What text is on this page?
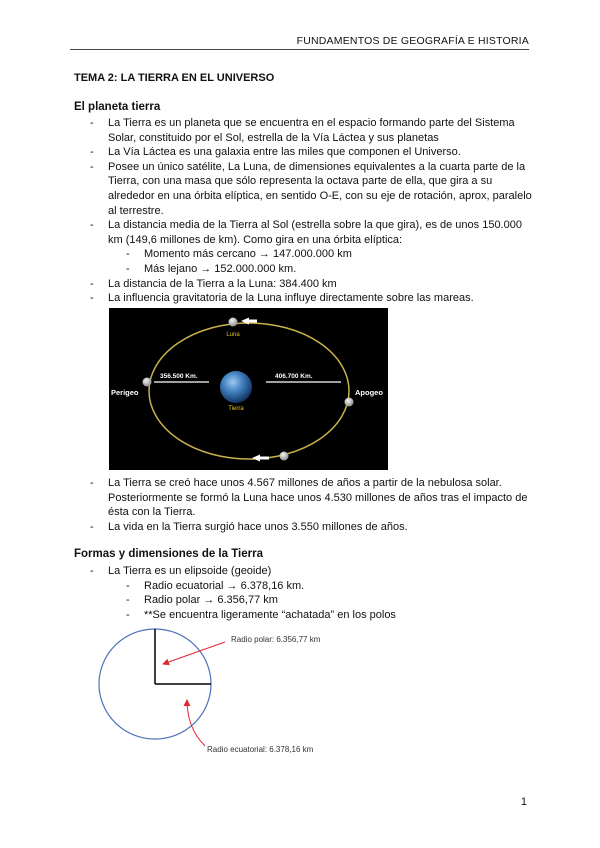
FUNDAMENTOS DE GEOGRAFÍA E HISTORIA
TEMA 2: LA TIERRA EN EL UNIVERSO
El planeta tierra
- La Tierra es un planeta que se encuentra en el espacio formando parte del Sistema Solar, constituido por el Sol, estrella de la Vía Láctea y sus planetas
- La Vía Láctea es una galaxia entre las miles que componen el Universo.
- Posee un único satélite, La Luna, de dimensiones equivalentes a la cuarta parte de la Tierra, con una masa que sólo representa la octava parte de ella, que gira a su alrededor en una órbita elíptica, en sentido O-E, con su eje de rotación, aprox, paralelo al terrestre.
- La distancia media de la Tierra al Sol (estrella sobre la que gira), es de unos 150.000 km (149,6 millones de km). Como gira en una órbita elíptica:
- Momento más cercano → 147.000.000 km
- Más lejano → 152.000.000 km.
- La distancia de la Tierra a la Luna: 384.400 km
- La influencia gravitatoria de la Luna influye directamente sobre las mareas.
Tierra
Luna
Perigeo
356.500 Km.
Apogeo
406.700 Km.
- La Tierra se creó hace unos 4.567 millones de años a partir de la nebulosa solar. Posteriormente se formó la Luna hace unos 4.530 millones de años tras el impacto de ésta con la Tierra.
- La vida en la Tierra surgió hace unos 3.550 millones de años.
Formas y dimensiones de la Tierra
- La Tierra es un elipsoide (geoide)
- Radio ecuatorial → 6.378,16 km.
- Radio polar → 6.356,77 km
- **Se encuentra ligeramente “achatada” en los polos
Radio polar: 6.356,77 km
Radio ecuatorial: 6.378,16 km
1
